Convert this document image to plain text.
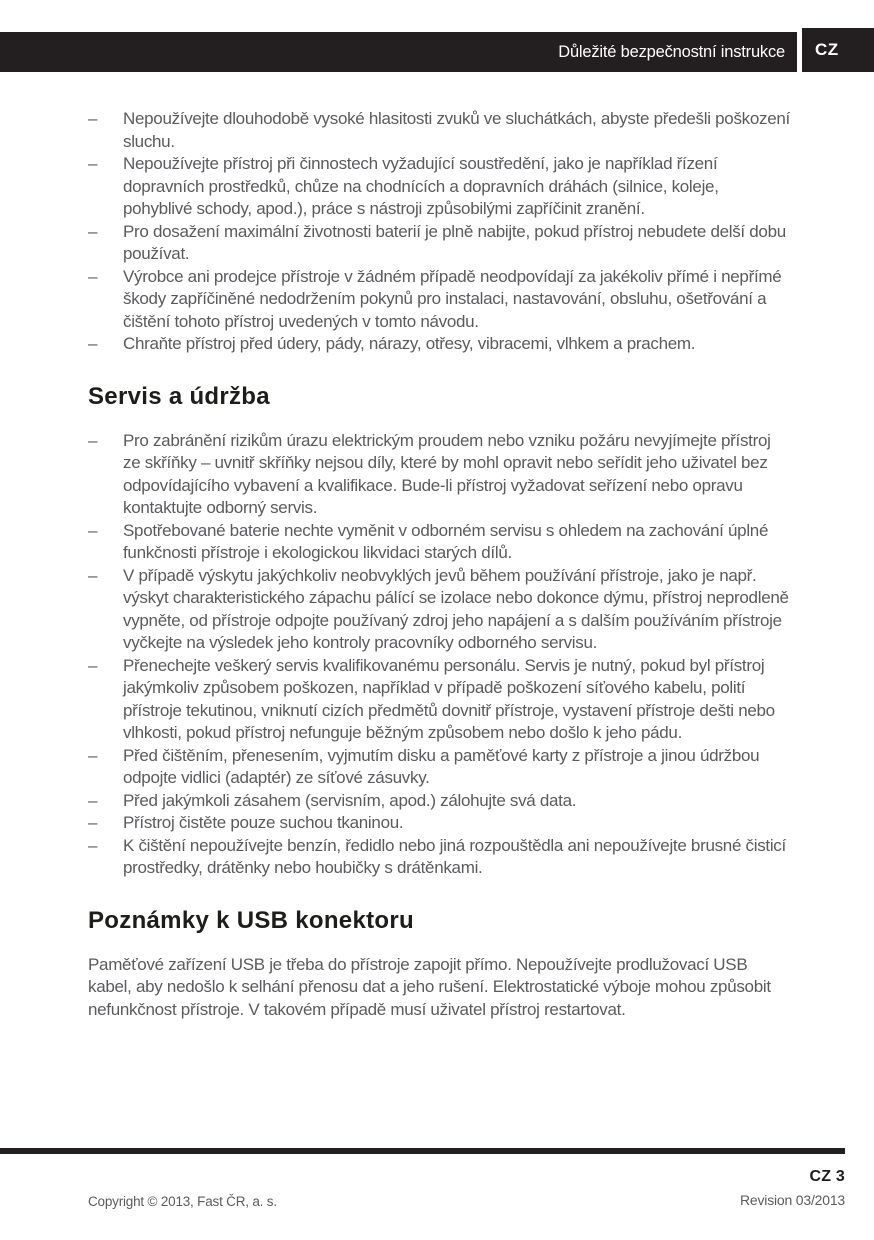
Důležité bezpečnostní instrukce CZ
–	Nepoužívejte dlouhodobě vysoké hlasitosti zvuků ve sluchátkách, abyste předešli poškození sluchu.
–	Nepoužívejte přístroj při činnostech vyžadující soustředění, jako je například řízení dopravních prostředků, chůze na chodnících a dopravních dráhách (silnice, koleje, pohyblivé schody, apod.), práce s nástroji způsobilými zapříčinit zranění.
–	Pro dosažení maximální životnosti baterií je plně nabijte, pokud přístroj nebudete delší dobu používat.
–	Výrobce ani prodejce přístroje v žádném případě neodpovídají za jakékoliv přímé i nepřímé škody zapříčiněné nedodržením pokynů pro instalaci, nastavování, obsluhu, ošetřování a čištění tohoto přístroj uvedených v tomto návodu.
–	Chraňte přístroj před údery, pády, nárazy, otřesy, vibracemi, vlhkem a prachem.
Servis a údržba
–	Pro zabránění rizikům úrazu elektrickým proudem nebo vzniku požáru nevyjímejte přístroj ze skříňky – uvnitř skříňky nejsou díly, které by mohl opravit nebo seřídit jeho uživatel bez odpovídajícího vybavení a kvalifikace. Bude-li přístroj vyžadovat seřízení nebo opravu kontaktujte odborný servis.
–	Spotřebované baterie nechte vyměnit v odborném servisu s ohledem na zachování úplné funkčnosti přístroje i ekologickou likvidaci starých dílů.
–	V případě výskytu jakýchkoliv neobvyklých jevů během používání přístroje, jako je např. výskyt charakteristického zápachu pálící se izolace nebo dokonce dýmu, přístroj neprodleně vypněte, od přístroje odpojte používaný zdroj jeho napájení a s dalším používáním přístroje vyčkejte na výsledek jeho kontroly pracovníky odborného servisu.
–	Přenechejte veškerý servis kvalifikovanému personálu. Servis je nutný, pokud byl přístroj jakýmkoliv způsobem poškozen, například v případě poškození síťového kabelu, polití přístroje tekutinou, vniknutí cizích předmětů dovnitř přístroje, vystavení přístroje dešti nebo vlhkosti, pokud přístroj nefunguje běžným způsobem nebo došlo k jeho pádu.
–	Před čištěním, přenesením, vyjmutím disku a paměťové karty z přístroje a jinou údržbou odpojte vidlici (adaptér) ze síťové zásuvky.
–	Před jakýmkoli zásahem (servisním, apod.) zálohujte svá data.
–	Přístroj čistěte pouze suchou tkaninou.
–	K čištění nepoužívejte benzín, ředidlo nebo jiná rozpouštědla ani nepoužívejte brusné čisticí prostředky, drátěnky nebo houbičky s drátěnkami.
Poznámky k USB konektoru

Paměťové zařízení USB je třeba do přístroje zapojit přímo. Nepoužívejte prodlužovací USB kabel, aby nedošlo k selhání přenosu dat a jeho rušení. Elektrostatické výboje mohou způsobit nefunkčnost přístroje. V takovém případě musí uživatel přístroj restartovat.

CZ 3
Copyright © 2013, Fast ČR, a. s.	Revision 03/2013
